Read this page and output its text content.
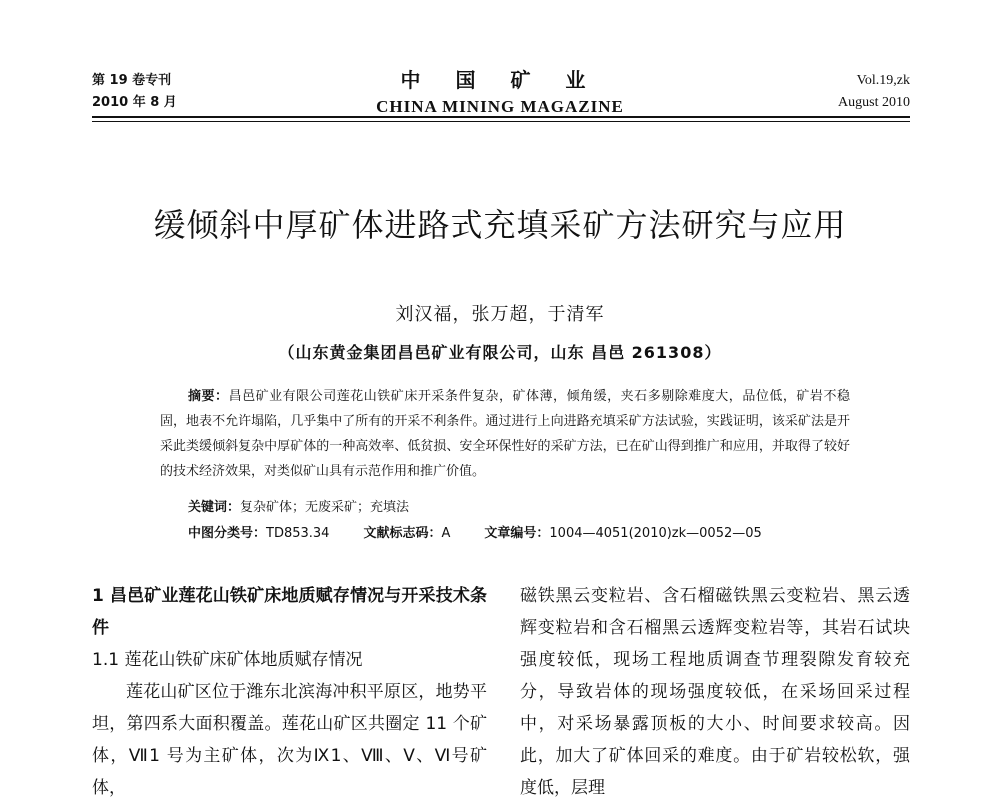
第 19 卷专刊
2010 年 8 月
中 国 矿 业
CHINA MINING MAGAZINE
Vol.19,zk
August 2010
缓倾斜中厚矿体进路式充填采矿方法研究与应用
刘汉福，张万超，于清军
（山东黄金集团昌邑矿业有限公司，山东 昌邑 261308）
摘要：昌邑矿业有限公司莲花山铁矿床开采条件复杂，矿体薄，倾角缓，夹石多剔除难度大，品位低，矿岩不稳固，地表不允许塌陷，几乎集中了所有的开采不利条件。通过进行上向进路充填采矿方法试验，实践证明，该采矿法是开采此类缓倾斜复杂中厚矿体的一种高效率、低贫损、安全环保性好的采矿方法，已在矿山得到推广和应用，并取得了较好的技术经济效果，对类似矿山具有示范作用和推广价值。
关键词：复杂矿体；无废采矿；充填法
中图分类号：TD853.34	文献标志码：A	文章编号：1004—4051(2010)zk—0052—05
1 昌邑矿业莲花山铁矿床地质赋存情况与开采技术条件
1.1 莲花山铁矿床矿体地质赋存情况
莲花山矿区位于潍东北滨海冲积平原区，地势平坦，第四系大面积覆盖。莲花山矿区共圈定 11 个矿体，Ⅶ1 号为主矿体，次为Ⅸ1、Ⅷ、Ⅴ、Ⅵ号矿体，
磁铁黑云变粒岩、含石榴磁铁黑云变粒岩、黑云透辉变粒岩和含石榴黑云透辉变粒岩等，其岩石试块强度较低，现场工程地质调查节理裂隙发育较充分，导致岩体的现场强度较低，在采场回采过程中，对采场暴露顶板的大小、时间要求较高。因此，加大了矿体回采的难度。由于矿岩较松软，强度低，层理
